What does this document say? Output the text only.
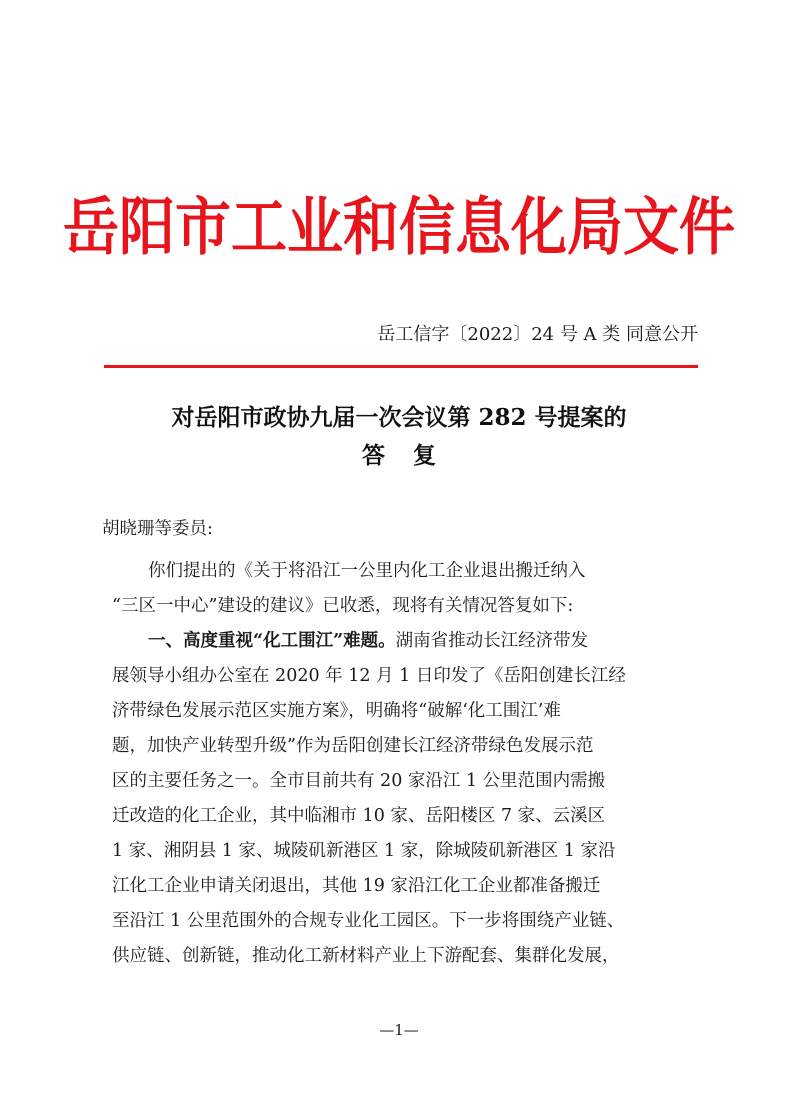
岳阳市工业和信息化局文件
岳工信字〔2022〕24 号 A 类 同意公开
对岳阳市政协九届一次会议第 282 号提案的
答复
胡晓珊等委员:
你们提出的《关于将沿江一公里内化工企业退出搬迁纳入
“三区一中心”建设的建议》已收悉，现将有关情况答复如下:
一、高度重视“化工围江”难题。湖南省推动长江经济带发
展领导小组办公室在 2020 年 12 月 1 日印发了《岳阳创建长江经
济带绿色发展示范区实施方案》，明确将“破解‘化工围江’难
题，加快产业转型升级”作为岳阳创建长江经济带绿色发展示范
区的主要任务之一。全市目前共有 20 家沿江 1 公里范围内需搬
迁改造的化工企业，其中临湘市 10 家、岳阳楼区 7 家、云溪区
1 家、湘阴县 1 家、城陵矶新港区 1 家，除城陵矶新港区 1 家沿
江化工企业申请关闭退出，其他 19 家沿江化工企业都准备搬迁
至沿江 1 公里范围外的合规专业化工园区。下一步将围绕产业链、
供应链、创新链，推动化工新材料产业上下游配套、集群化发展，
—1—
